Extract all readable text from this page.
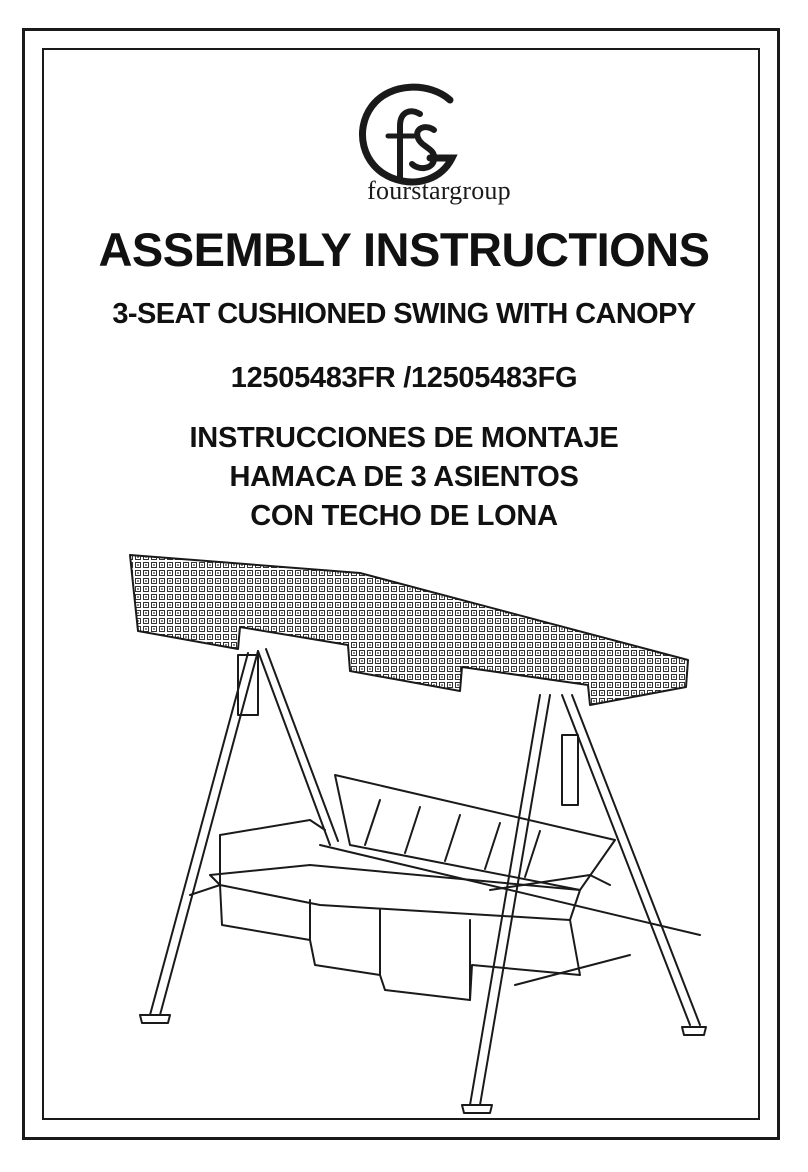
fourstargroup
ASSEMBLY INSTRUCTIONS
3-SEAT CUSHIONED SWING WITH CANOPY
12505483FR /12505483FG
INSTRUCCIONES DE MONTAJE
HAMACA DE 3 ASIENTOS
CON TECHO DE LONA
